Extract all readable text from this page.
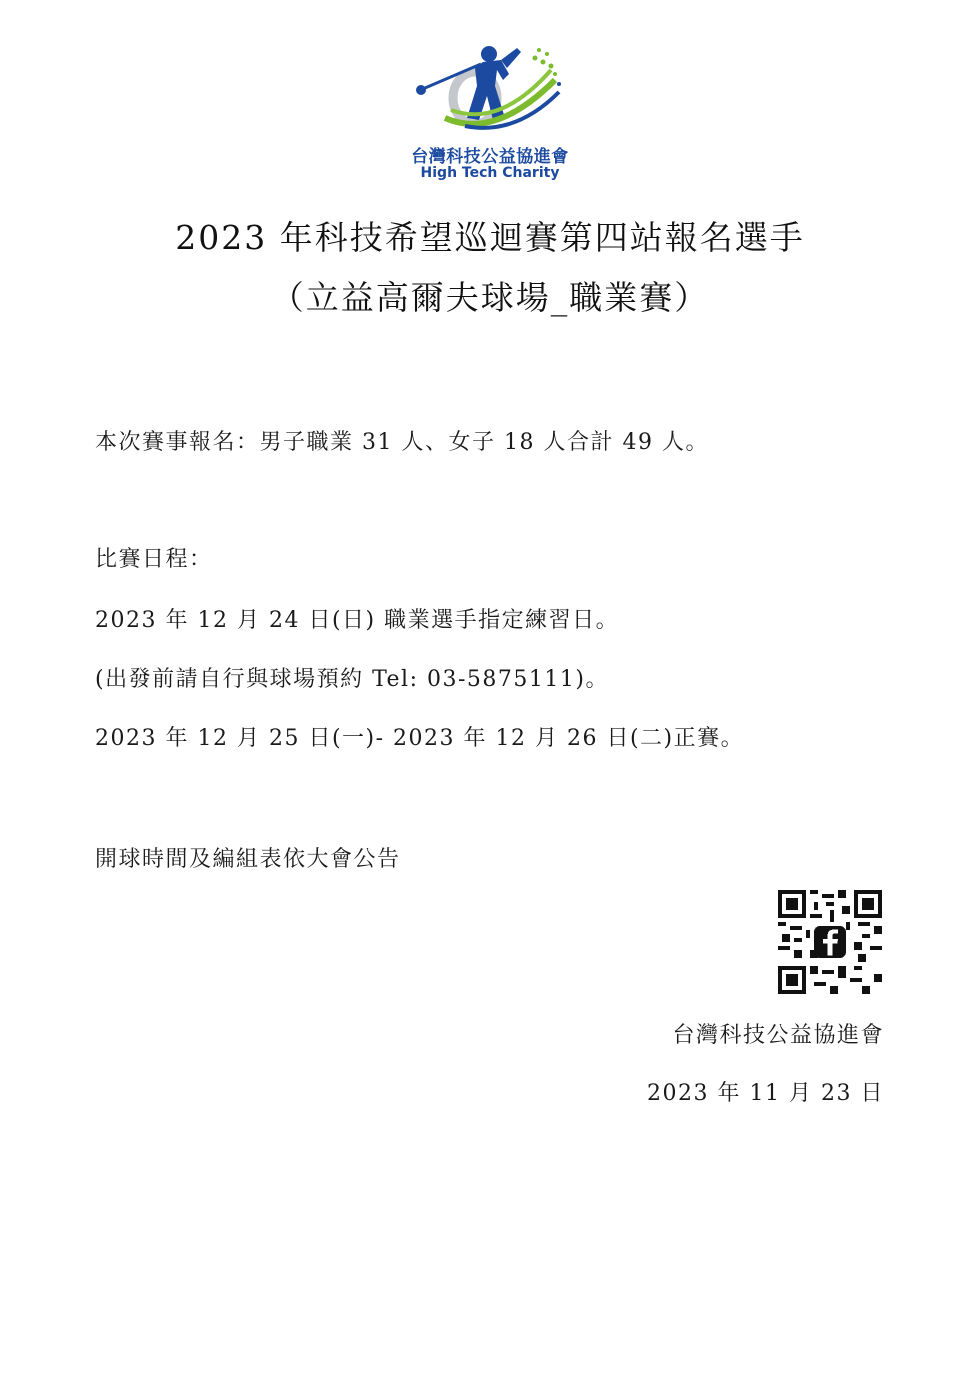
台灣科技公益協進會
High Tech Charity
2023 年科技希望巡迴賽第四站報名選手
（立益高爾夫球場_職業賽）
本次賽事報名：男子職業 31 人、女子 18 人合計 49 人。
比賽日程：
2023 年 12 月 24 日(日) 職業選手指定練習日。
(出發前請自行與球場預約 Tel: 03-5875111)。
2023 年 12 月 25 日(一)- 2023 年 12 月 26 日(二)正賽。
開球時間及編組表依大會公告
台灣科技公益協進會
2023 年 11 月 23 日
